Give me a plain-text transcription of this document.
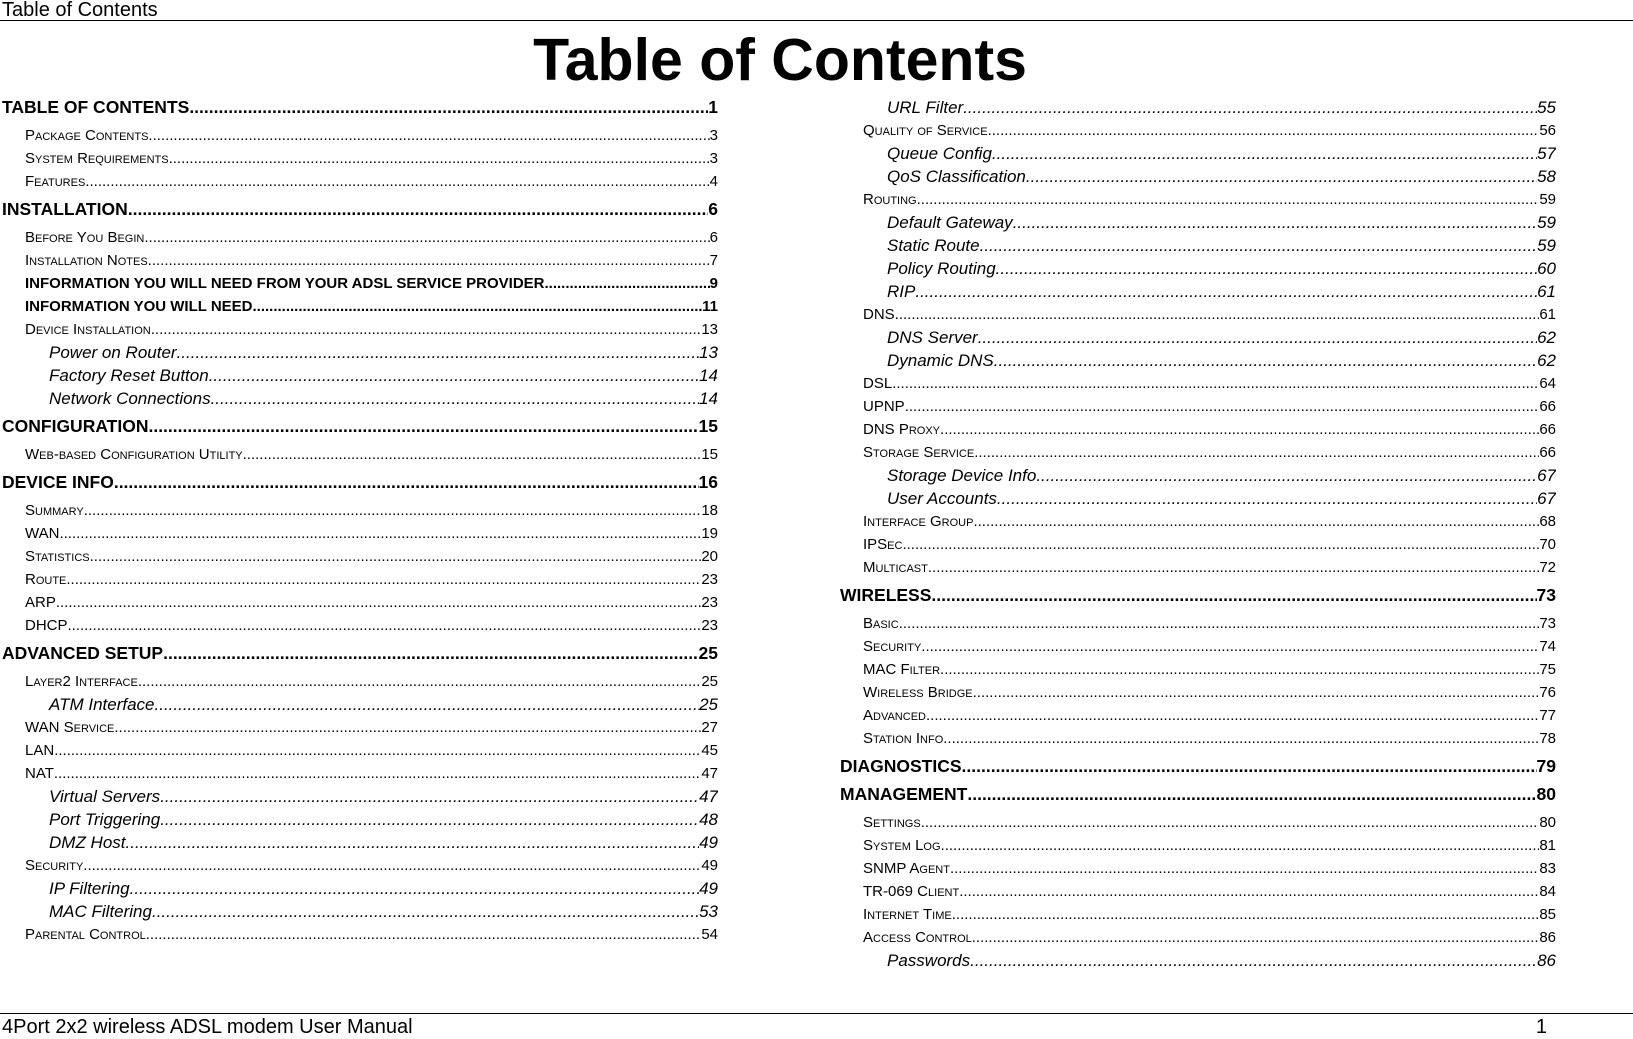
Table of Contents
Table of Contents
TABLE OF CONTENTS .....	1
Package Contents .....	3
System Requirements .....	3
Features .....	4
INSTALLATION .....	6
Before You Begin .....	6
Installation Notes .....	7
INFORMATION YOU WILL NEED FROM YOUR ADSL SERVICE PROVIDER .....	9
INFORMATION YOU WILL NEED .....	11
Device Installation .....	13
Power on Router .....	13
Factory Reset Button .....	14
Network Connections .....	14
CONFIGURATION .....	15
Web-based Configuration Utility .....	15
DEVICE INFO .....	16
Summary .....	18
WAN .....	19
Statistics .....	20
Route .....	23
ARP .....	23
DHCP .....	23
ADVANCED SETUP .....	25
Layer2 Interface .....	25
ATM Interface .....	25
WAN Service .....	27
LAN .....	45
NAT .....	47
Virtual Servers .....	47
Port Triggering .....	48
DMZ Host .....	49
Security .....	49
IP Filtering .....	49
MAC Filtering .....	53
Parental Control .....	54
URL Filter .....	55
Quality of Service .....	56
Queue Config .....	57
QoS Classification .....	58
Routing .....	59
Default Gateway .....	59
Static Route .....	59
Policy Routing .....	60
RIP .....	61
DNS .....	61
DNS Server .....	62
Dynamic DNS .....	62
DSL .....	64
UPNP .....	66
DNS Proxy .....	66
Storage Service .....	66
Storage Device Info .....	67
User Accounts .....	67
Interface Group .....	68
IPSec .....	70
Multicast .....	72
WIRELESS .....	73
Basic .....	73
Security .....	74
MAC Filter .....	75
Wireless Bridge .....	76
Advanced .....	77
Station Info .....	78
DIAGNOSTICS .....	79
MANAGEMENT .....	80
Settings .....	80
System Log .....	81
SNMP Agent .....	83
TR-069 Client .....	84
Internet Time .....	85
Access Control .....	86
Passwords .....	86
4Port 2x2 wireless ADSL modem User Manual	1
